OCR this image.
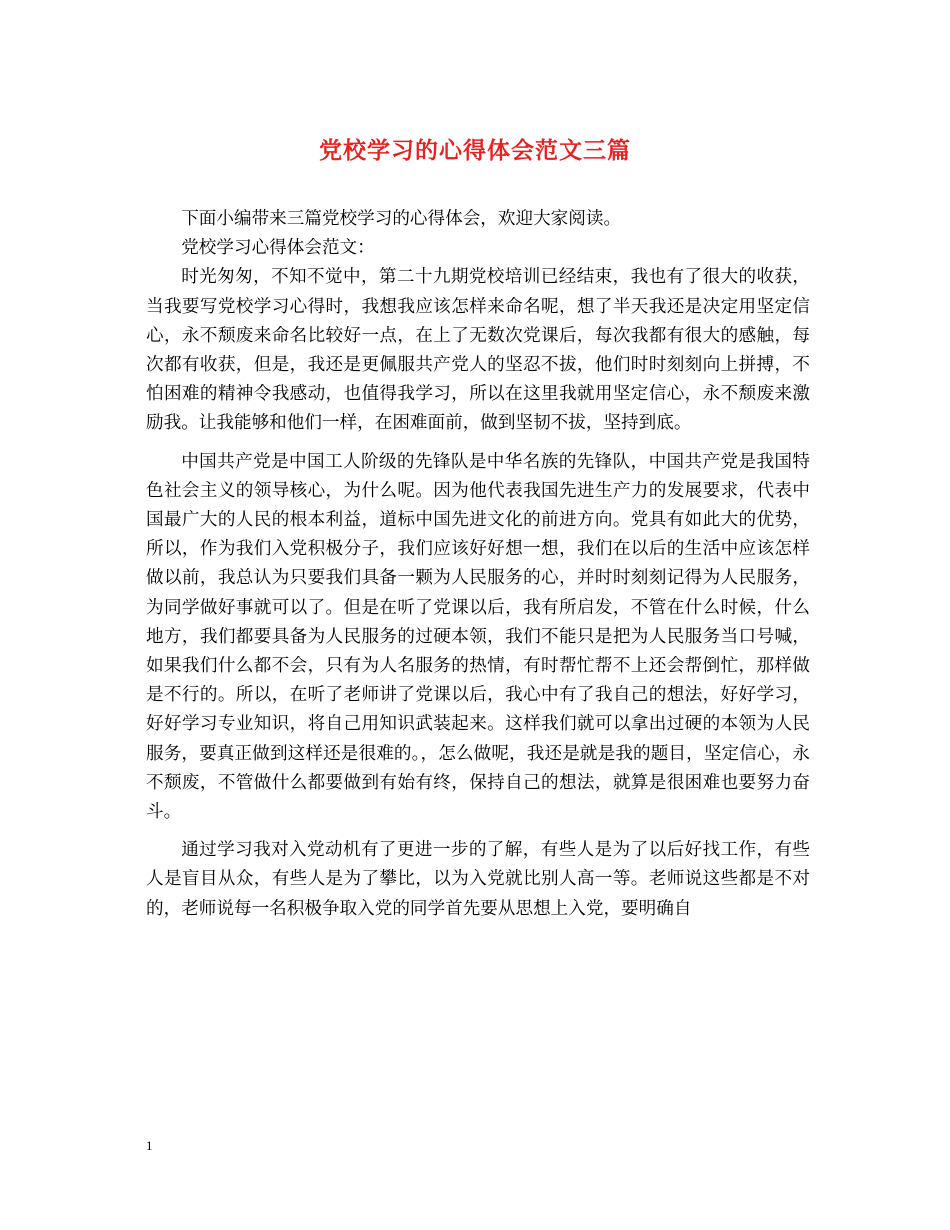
党校学习的心得体会范文三篇

下面小编带来三篇党校学习的心得体会，欢迎大家阅读。

党校学习心得体会范文：

时光匆匆，不知不觉中，第二十九期党校培训已经结束，我也有了很大的收获，当我要写党校学习心得时，我想我应该怎样来命名呢，想了半天我还是决定用坚定信心，永不颓废来命名比较好一点，在上了无数次党课后，每次我都有很大的感触，每次都有收获，但是，我还是更佩服共产党人的坚忍不拔，他们时时刻刻向上拼搏，不怕困难的精神令我感动，也值得我学习，所以在这里我就用坚定信心，永不颓废来激励我。让我能够和他们一样，在困难面前，做到坚韧不拔，坚持到底。

中国共产党是中国工人阶级的先锋队是中华名族的先锋队，中国共产党是我国特色社会主义的领导核心，为什么呢。因为他代表我国先进生产力的发展要求，代表中国最广大的人民的根本利益，道标中国先进文化的前进方向。党具有如此大的优势，所以，作为我们入党积极分子，我们应该好好想一想，我们在以后的生活中应该怎样做以前，我总认为只要我们具备一颗为人民服务的心，并时时刻刻记得为人民服务，为同学做好事就可以了。但是在听了党课以后，我有所启发，不管在什么时候，什么地方，我们都要具备为人民服务的过硬本领，我们不能只是把为人民服务当口号喊，如果我们什么都不会，只有为人名服务的热情，有时帮忙帮不上还会帮倒忙，那样做是不行的。所以，在听了老师讲了党课以后，我心中有了我自己的想法，好好学习，好好学习专业知识，将自己用知识武装起来。这样我们就可以拿出过硬的本领为人民服务，要真正做到这样还是很难的。，怎么做呢，我还是就是我的题目，坚定信心，永不颓废，不管做什么都要做到有始有终，保持自己的想法，就算是很困难也要努力奋斗。

通过学习我对入党动机有了更进一步的了解，有些人是为了以后好找工作，有些人是盲目从众，有些人是为了攀比，以为入党就比别人高一等。老师说这些都是不对的，老师说每一名积极争取入党的同学首先要从思想上入党，要明确自

1
